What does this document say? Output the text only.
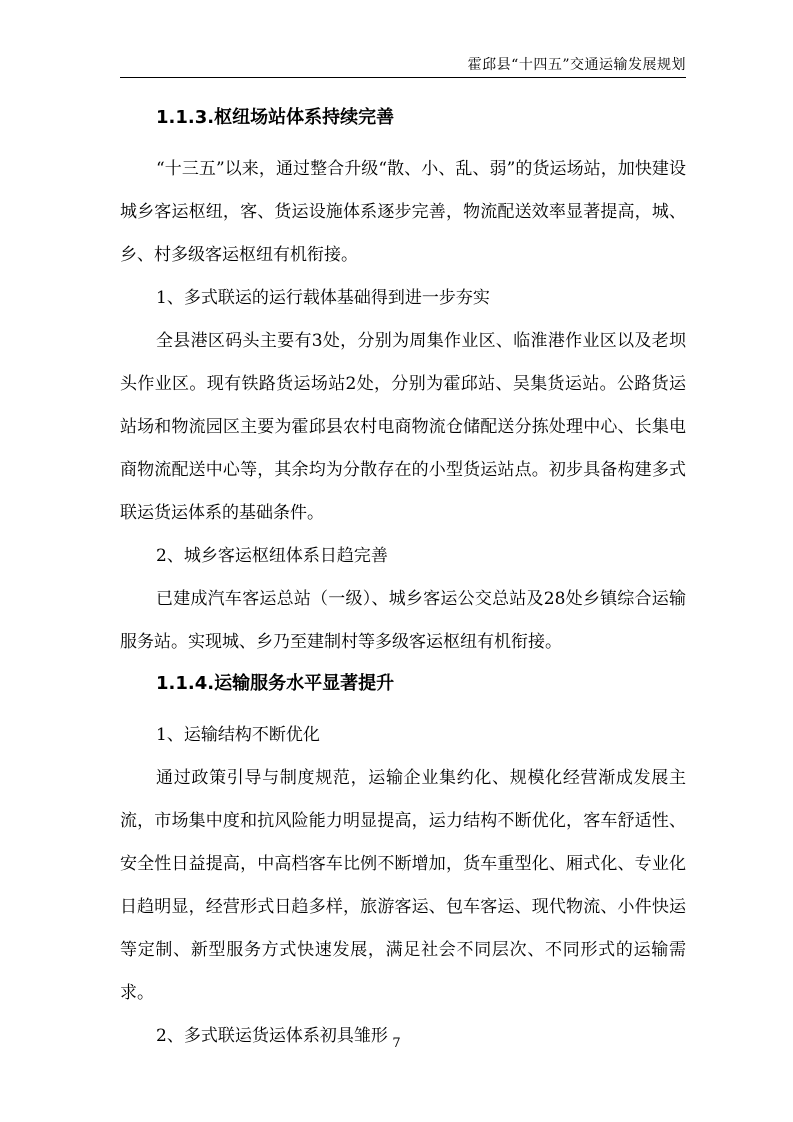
霍邱县“十四五”交通运输发展规划
1.1.3.枢纽场站体系持续完善

“十三五”以来，通过整合升级“散、小、乱、弱”的货运场站，加快建设城乡客运枢纽，客、货运设施体系逐步完善，物流配送效率显著提高，城、乡、村多级客运枢纽有机衔接。

1、多式联运的运行载体基础得到进一步夯实

全县港区码头主要有3处，分别为周集作业区、临淮港作业区以及老坝头作业区。现有铁路货运场站2处，分别为霍邱站、吴集货运站。公路货运站场和物流园区主要为霍邱县农村电商物流仓储配送分拣处理中心、长集电商物流配送中心等，其余均为分散存在的小型货运站点。初步具备构建多式联运货运体系的基础条件。

2、城乡客运枢纽体系日趋完善

已建成汽车客运总站（一级）、城乡客运公交总站及28处乡镇综合运输服务站。实现城、乡乃至建制村等多级客运枢纽有机衔接。

1.1.4.运输服务水平显著提升

1、运输结构不断优化

通过政策引导与制度规范，运输企业集约化、规模化经营渐成发展主流，市场集中度和抗风险能力明显提高，运力结构不断优化，客车舒适性、安全性日益提高，中高档客车比例不断增加，货车重型化、厢式化、专业化日趋明显，经营形式日趋多样，旅游客运、包车客运、现代物流、小件快运等定制、新型服务方式快速发展，满足社会不同层次、不同形式的运输需求。

2、多式联运货运体系初具雏形 7
